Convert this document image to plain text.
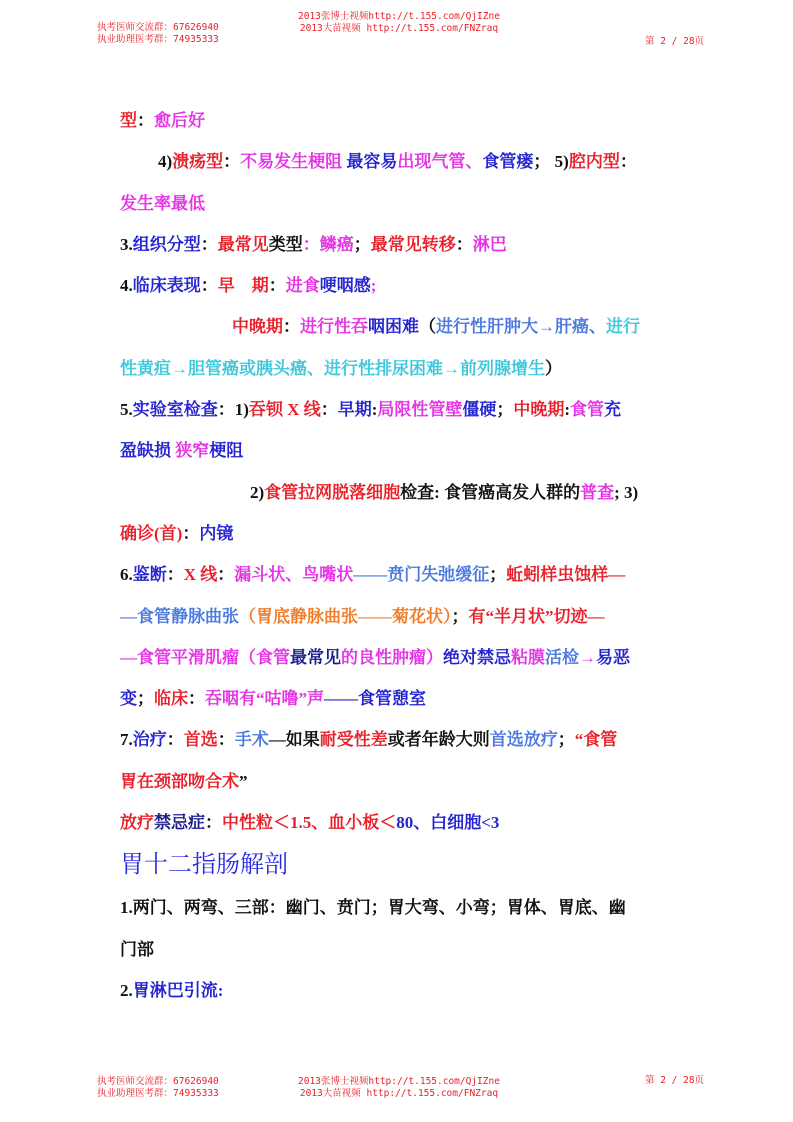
执考医师交流群：67626940
执业助理医考群：74935333
2013张博士视频http://t.155.com/QjIZne
2013大苗视频 http://t.155.com/FNZraq
第 2 / 28页
型：愈后好
4)溃疡型：不易发生梗阻 最容易出现气管、食管瘘； 5)腔内型：
发生率最低
3.组织分型：最常见类型：鳞癌；最常见转移：淋巴
4.临床表现：早　期：进食哽咽感;
中晚期：进行性吞咽困难（进行性肝肿大→肝癌、进行
性黄疸→胆管癌或胰头癌、进行性排尿困难→前列腺增生）
5.实验室检查：1)吞钡 X 线：早期:局限性管壁僵硬；中晚期:食管充
盈缺损 狭窄梗阻
2)食管拉网脱落细胞检查: 食管癌高发人群的普查; 3)
确诊(首)：内镜
6.鉴断：X 线：漏斗状、鸟嘴状——贲门失弛缓征；蚯蚓样虫蚀样—
—食管静脉曲张（胃底静脉曲张——菊花状）；有“半月状”切迹—
—食管平滑肌瘤（食管最常见的良性肿瘤）绝对禁忌粘膜活检→易恶
变；临床：吞咽有“咕噜”声——食管憩室
7.治疗：首选：手术—如果耐受性差或者年龄大则首选放疗；“食管
胃在颈部吻合术”
放疗禁忌症：中性粒＜1.5、血小板＜80、白细胞<3
胃十二指肠解剖
1.两门、两弯、三部：幽门、贲门；胃大弯、小弯；胃体、胃底、幽
门部
2.胃淋巴引流:
执考医师交流群：67626940
执业助理医考群：74935333
2013张博士视频http://t.155.com/QjIZne
2013大苗视频 http://t.155.com/FNZraq
第 2 / 28页
